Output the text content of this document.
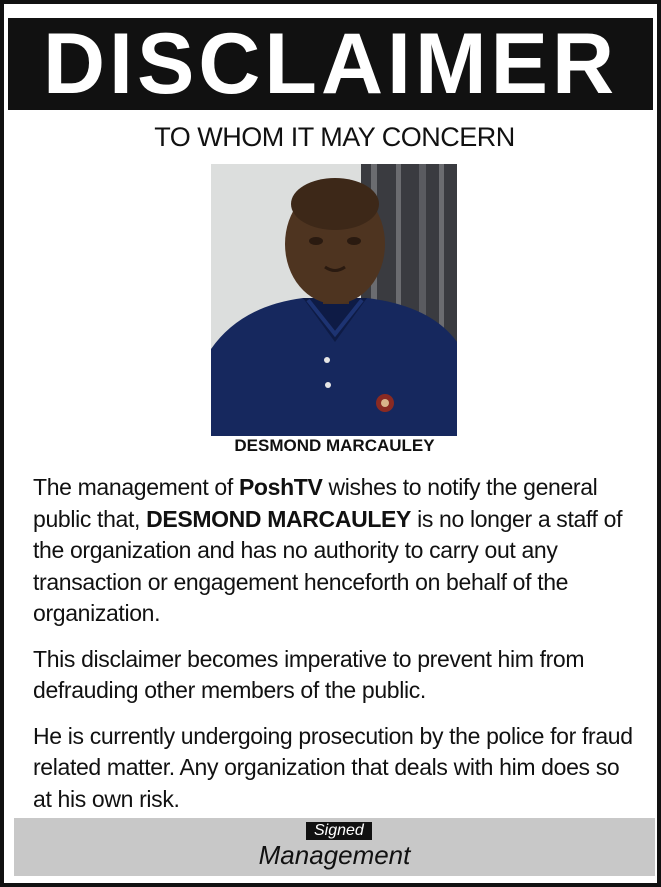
DISCLAIMER
TO WHOM IT MAY CONCERN
DESMOND MARCAULEY

The management of PoshTV wishes to notify the general public that, DESMOND MARCAULEY is no longer a staff of the organization and has no authority to carry out any transaction or engagement henceforth on behalf of the organization.

This disclaimer becomes imperative to prevent him from defrauding other members of the public.

He is currently undergoing prosecution by the police for fraud related matter. Any organization that deals with him does so at his own risk.

Signed
Management
